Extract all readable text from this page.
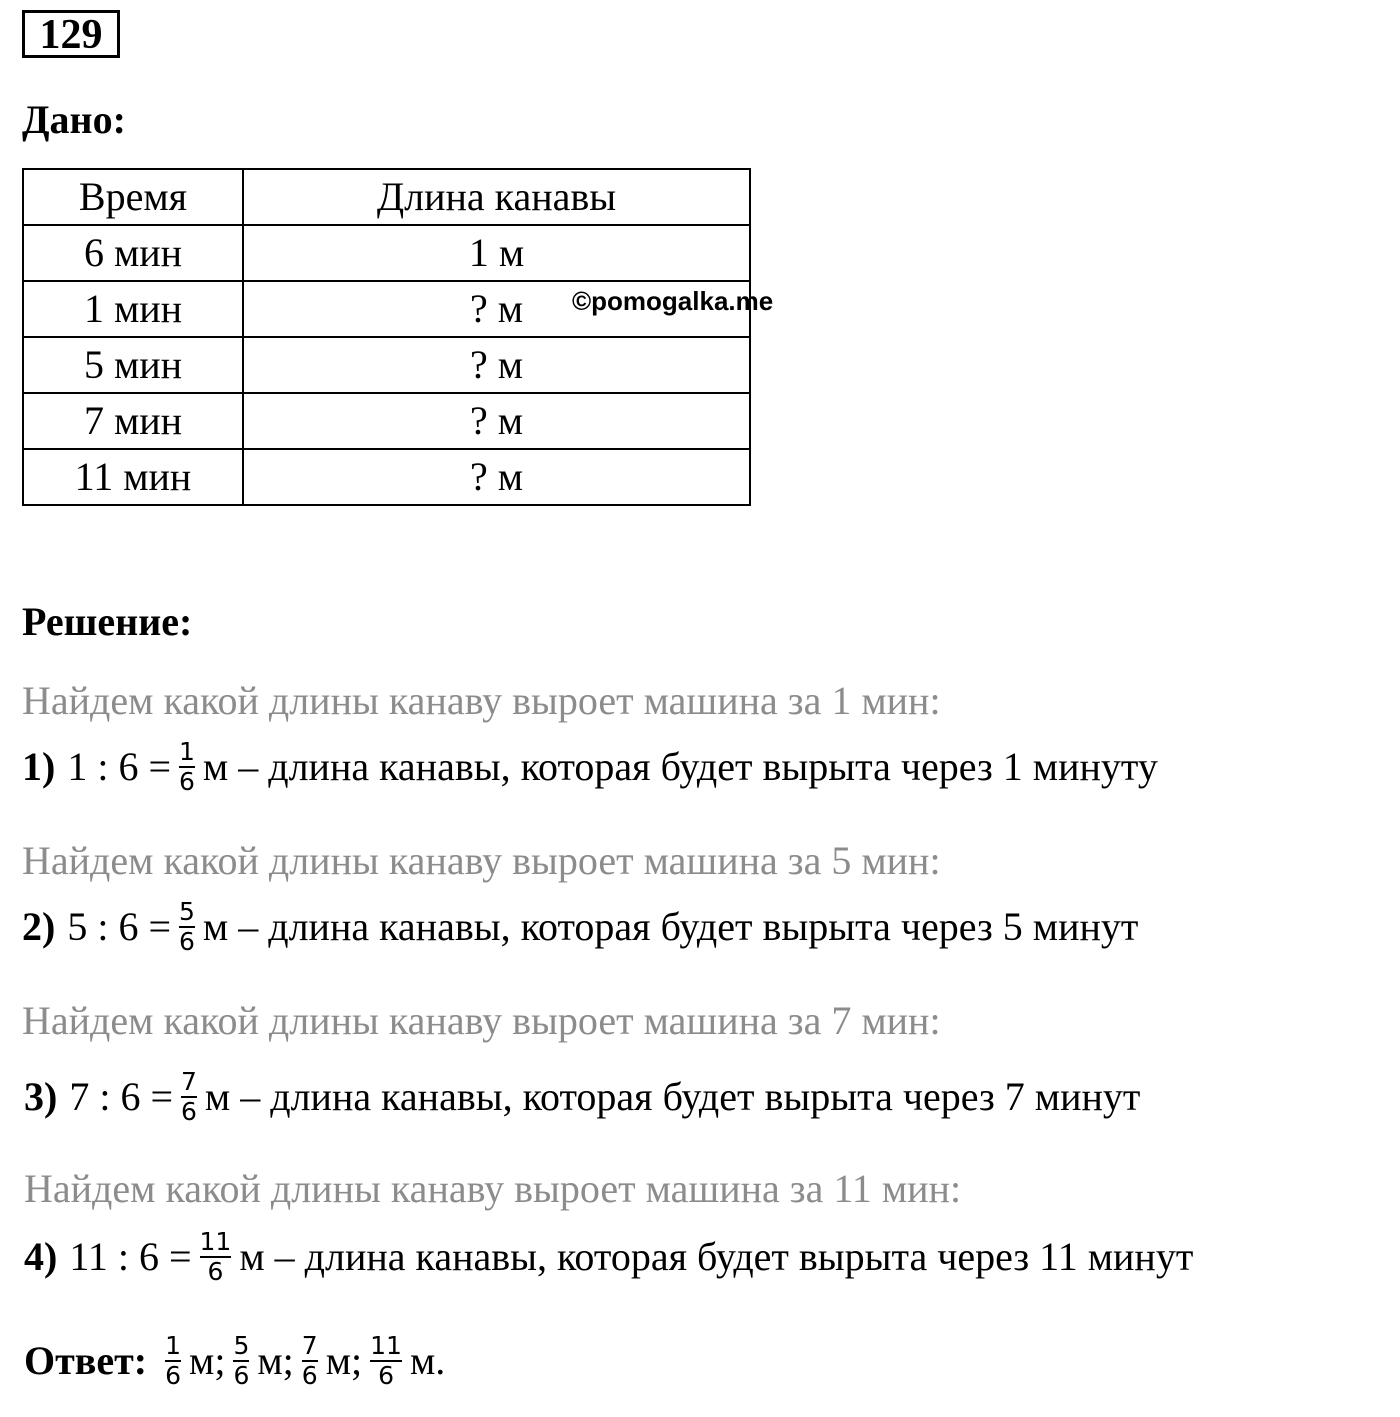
129
Дано:
Время	Длина канавы
6 мин	1 м
1 мин	? м
5 мин	? м
7 мин	? м
11 мин	? м
©pomogalka.me
Решение:
Найдем какой длины канаву выроет машина за 1 мин:
1) 1 : $6 = \frac{1}{6}$ м – длина канавы, которая будет вырыта через 1 минуту
Найдем какой длины канаву выроет машина за 5 мин:
2) 5 : $6 = \frac{5}{6}$ м – длина канавы, которая будет вырыта через 5 минут
Найдем какой длины канаву выроет машина за 7 мин:
3) 7 : $6 = \frac{7}{6}$ м – длина канавы, которая будет вырыта через 7 минут
Найдем какой длины канаву выроет машина за 11 мин:
4) 11 : $6 = \frac{11}{6}$ м – длина канавы, которая будет вырыта через 11 минут
Ответ: $\frac{1}{6} м$; $\frac{5}{6} м$; $\frac{7}{6} м$; $\frac{11}{6} м$.
